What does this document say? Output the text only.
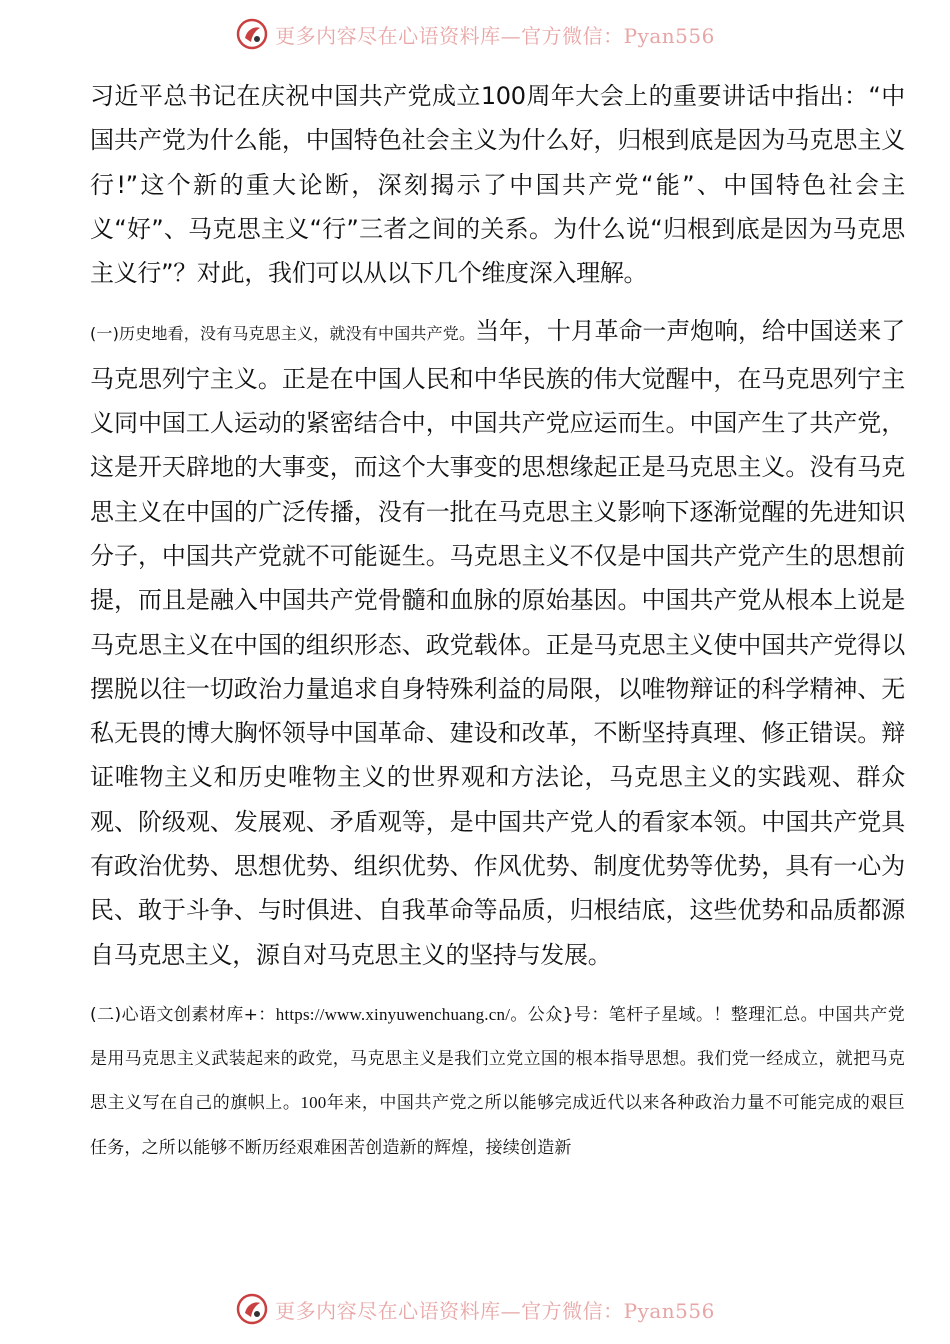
更多内容尽在心语资料库—官方微信：Pyan556

习近平总书记在庆祝中国共产党成立100周年大会上的重要讲话中指出：“中国共产党为什么能，中国特色社会主义为什么好，归根到底是因为马克思主义行!”这个新的重大论断，深刻揭示了中国共产党“能”、中国特色社会主义“好”、马克思主义“行”三者之间的关系。为什么说“归根到底是因为马克思主义行”？对此，我们可以从以下几个维度深入理解。

(一)历史地看，没有马克思主义，就没有中国共产党。当年，十月革命一声炮响，给中国送来了马克思列宁主义。正是在中国人民和中华民族的伟大觉醒中，在马克思列宁主义同中国工人运动的紧密结合中，中国共产党应运而生。中国产生了共产党，这是开天辟地的大事变，而这个大事变的思想缘起正是马克思主义。没有马克思主义在中国的广泛传播，没有一批在马克思主义影响下逐渐觉醒的先进知识分子，中国共产党就不可能诞生。马克思主义不仅是中国共产党产生的思想前提，而且是融入中国共产党骨髓和血脉的原始基因。中国共产党从根本上说是马克思主义在中国的组织形态、政党载体。正是马克思主义使中国共产党得以摆脱以往一切政治力量追求自身特殊利益的局限，以唯物辩证的科学精神、无私无畏的博大胸怀领导中国革命、建设和改革，不断坚持真理、修正错误。辩证唯物主义和历史唯物主义的世界观和方法论，马克思主义的实践观、群众观、阶级观、发展观、矛盾观等，是中国共产党人的看家本领。中国共产党具有政治优势、思想优势、组织优势、作风优势、制度优势等优势，具有一心为民、敢于斗争、与时俱进、自我革命等品质，归根结底，这些优势和品质都源自马克思主义，源自对马克思主义的坚持与发展。

(二)心语文创素材库+：https://www.xinyuwenchuang.cn/。公众}号：笔杆子星域。！整理汇总。中国共产党是用马克思主义武装起来的政党，马克思主义是我们立党立国的根本指导思想。我们党一经成立，就把马克思主义写在自己的旗帜上。100年来，中国共产党之所以能够完成近代以来各种政治力量不可能完成的艰巨任务，之所以能够不断历经艰难困苦创造新的辉煌，接续创造新

更多内容尽在心语资料库—官方微信：Pyan556
